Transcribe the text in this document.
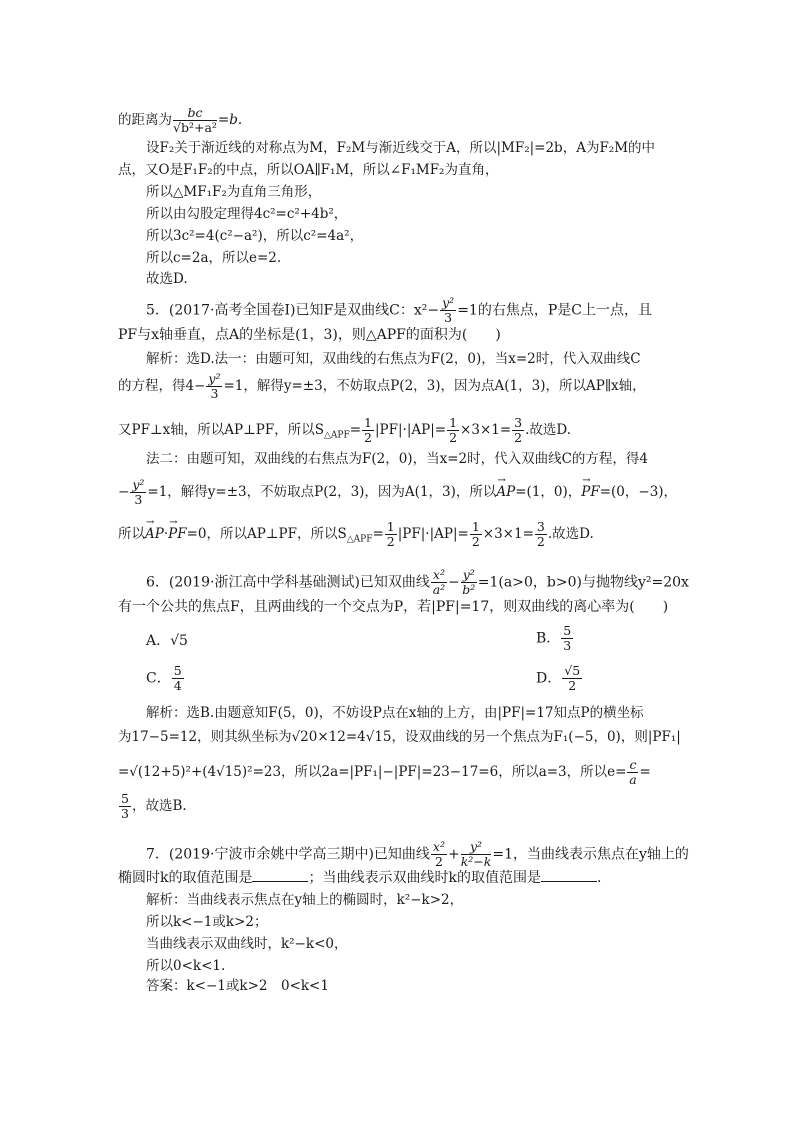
的距离为 $\frac{bc}{\text{√b²+a²}} =b$.
设F₂关于渐近线的对称点为M，F₂M与渐近线交于A，所以|MF₂|=2b，A为F₂M的中
点，又O是F₁F₂的中点，所以OA∥F₁M，所以∠F₁MF₂为直角，
所以△MF₁F₂为直角三角形，
所以由勾股定理得4c²=c²+4b²，
所以3c²=4(c²−a²)，所以c²=4a²，
所以c=2a，所以e=2.
故选D.
5．(2017·高考全国卷Ⅰ)已知F是双曲线C：$x^2- \frac{\text{y²}}{3} =1$的右焦点，P是C上一点，且
PF与x轴垂直，点A的坐标是(1，3)，则△APF的面积为(　　)
解析：选D.法一：由题可知，双曲线的右焦点为F(2，0)，当x=2时，代入双曲线C
的方程，得$4- \frac{\text{y²}}{3} =1$，解得y=±3，不妨取点P(2，3)，因为点A(1，3)，所以AP∥x轴，
又PF⊥x轴，所以AP⊥PF，所以$S_{\triangle APF}= \frac{1}{2} |PF|\cdot|AP|= \frac{1}{2} \times 3\times 1= \frac{3}{2}$ .故选D.
法二：由题可知，双曲线的右焦点为F(2，0)，当x=2时，代入双曲线C的方程，得4
− $\frac{\text{y²}}{3} =1$，解得y=±3，不妨取点P(2，3)，因为A(1，3)，所以→ AP=(1，0)，→ PF=(0，−3)，
所以→ AP·→ PF=0，所以AP⊥PF，所以$S_{\triangle APF}= \frac{1}{2} |PF|\cdot|AP|= \frac{1}{2} \times 3\times 1= \frac{3}{2}$ .故选D.
6．(2019·浙江高中学科基础测试)已知双曲线 $\frac{\text{x²}}{\text{a²}} - \frac{\text{y²}}{\text{b²}} =1(a>0$，b>0)与抛物线y²=20x
有一个公共的焦点F，且两曲线的一个交点为P，若|PF|=17，则双曲线的离心率为(　　)
A．√5	B． $\frac{5}{3}$
C． $\frac{5}{4}$	D． $\frac{√5}{2}$
解析：选B.由题意知F(5，0)，不妨设P点在x轴的上方，由|PF|=17知点P的横坐标
为17−5=12，则其纵坐标为√20×12=4√15，设双曲线的另一个焦点为F₁(−5，0)，则|PF₁|
=√(12+5)²+(4√15)²=23，所以2a=|PF₁|−|PF|=23−17=6，所以a=3，所以$e= \frac{c}{a}$ =
$\frac{5}{3}$ ，故选B.
7．(2019·宁波市余姚中学高三期中)已知曲线 $\frac{\text{x²}}{2} + \frac{\text{y²}}{\text{k²−k}} =1$，当曲线表示焦点在y轴上的
椭圆时k的取值范围是	；当曲线表示双曲线时k的取值范围是	.
解析：当曲线表示焦点在y轴上的椭圆时，k²−k>2，
所以k<−1或k>2；
当曲线表示双曲线时，k²−k<0，
所以0<k<1.
答案：k<−1或k>2　0<k<1
